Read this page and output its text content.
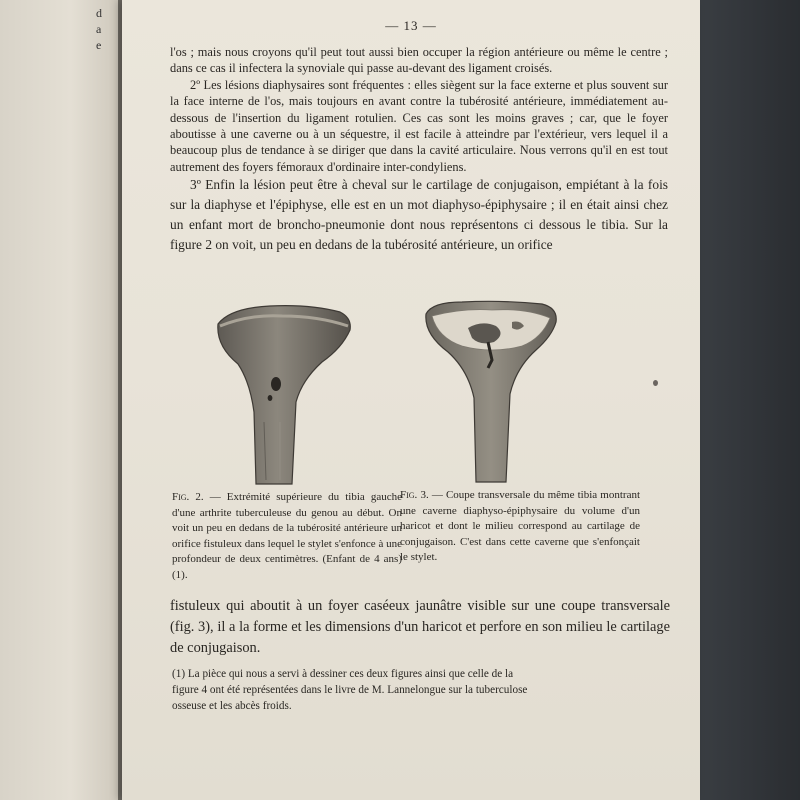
d
a
e
— 13 —

l'os ; mais nous croyons qu'il peut tout aussi bien occuper la région antérieure ou même le centre ; dans ce cas il infectera la synoviale qui passe au-devant des ligament croisés.

2º Les lésions diaphysaires sont fréquentes : elles siègent sur la face externe et plus souvent sur la face interne de l'os, mais toujours en avant contre la tubérosité antérieure, immédiatement au-dessous de l'insertion du ligament rotulien. Ces cas sont les moins graves ; car, que le foyer aboutisse à une caverne ou à un séquestre, il est facile à atteindre par l'extérieur, vers lequel il a beaucoup plus de tendance à se diriger que dans la cavité articulaire. Nous verrons qu'il en est tout autrement des foyers fémoraux d'ordinaire inter-condyliens.

3º Enfin la lésion peut être à cheval sur le cartilage de conjugaison, empiétant à la fois sur la diaphyse et l'épiphyse, elle est en un mot diaphyso-épiphysaire ; il en était ainsi chez un enfant mort de broncho-pneumonie dont nous représentons ci dessous le tibia. Sur la figure 2 on voit, un peu en dedans de la tubérosité antérieure, un orifice

Fig. 2. — Extrémité supérieure du tibia gauche d'une arthrite tuberculeuse du genou au début. On voit un peu en dedans de la tubérosité antérieure un orifice fistuleux dans lequel le stylet s'enfonce à une profondeur de deux centimètres. (Enfant de 4 ans) (1).
Fig. 3. — Coupe transversale du même tibia montrant une caverne diaphyso-épiphysaire du volume d'un haricot et dont le milieu correspond au cartilage de conjugaison. C'est dans cette caverne que s'enfonçait le stylet.
fistuleux qui aboutit à un foyer caséeux jaunâtre visible sur une coupe transversale (fig. 3), il a la forme et les dimensions d'un haricot et perfore en son milieu le cartilage de conjugaison.
(1) La pièce qui nous a servi à dessiner ces deux figures ainsi que celle de la
figure 4 ont été représentées dans le livre de M. Lannelongue sur la tuberculose
osseuse et les abcès froids.
